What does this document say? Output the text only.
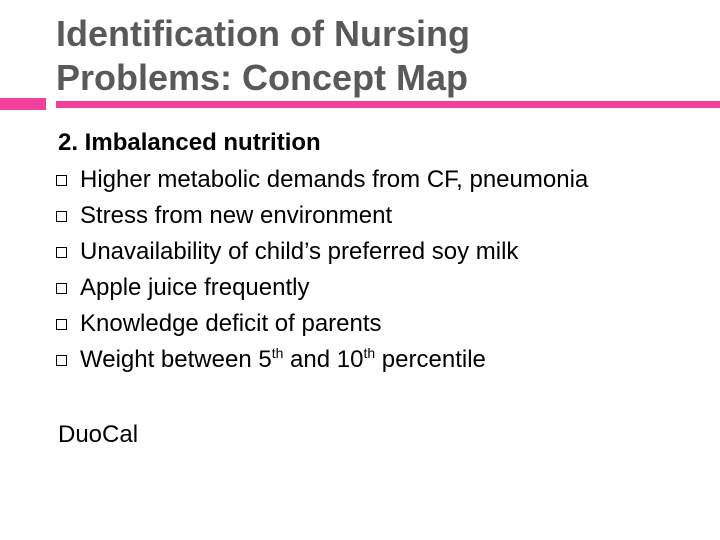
Identification of Nursing
Problems: Concept Map
2. Imbalanced nutrition
Higher metabolic demands from CF, pneumonia
Stress from new environment
Unavailability of child’s preferred soy milk
Apple juice frequently
Knowledge deficit of parents
Weight between 5th and 10th percentile
DuoCal
